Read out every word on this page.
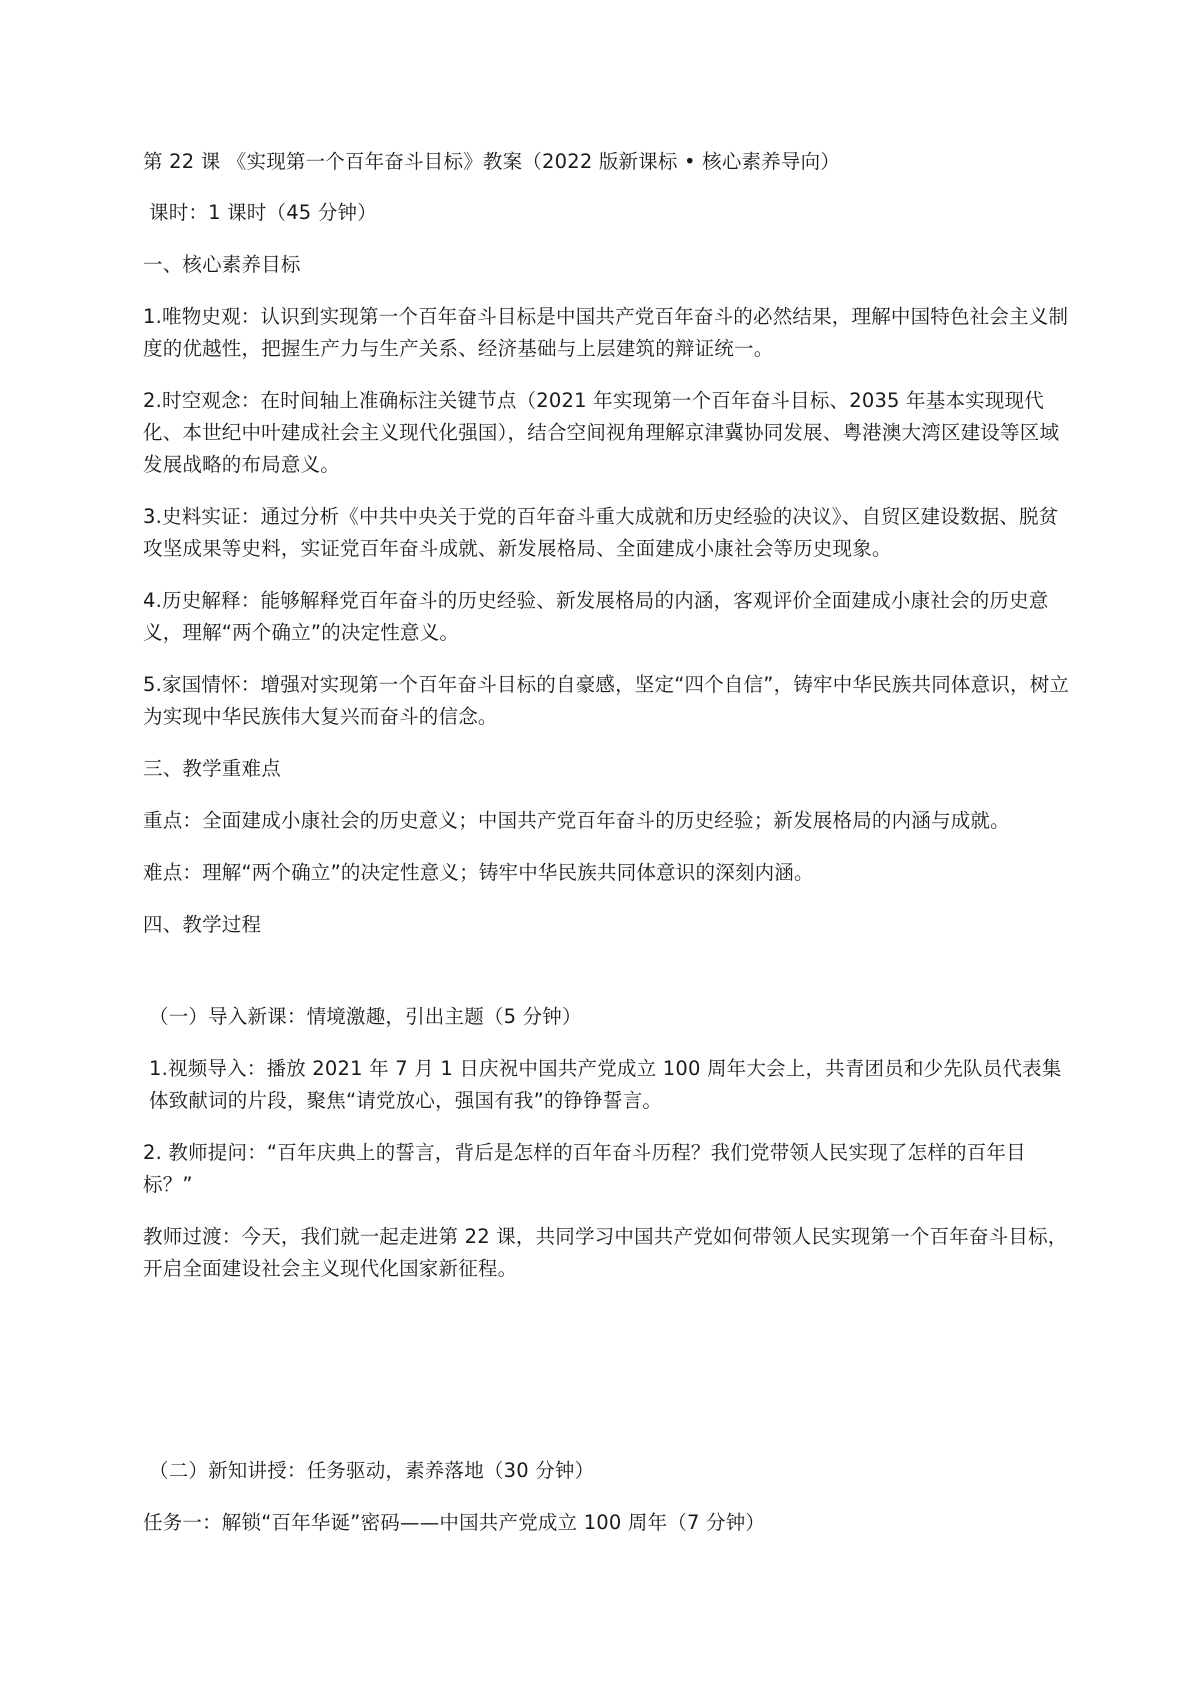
第 22 课 《实现第一个百年奋斗目标》教案（2022 版新课标 • 核心素养导向）

课时：1 课时（45 分钟）

一、核心素养目标

1.唯物史观：认识到实现第一个百年奋斗目标是中国共产党百年奋斗的必然结果，理解中国特色社会主义制度的优越性，把握生产力与生产关系、经济基础与上层建筑的辩证统一。

2.时空观念：在时间轴上准确标注关键节点（2021 年实现第一个百年奋斗目标、2035 年基本实现现代化、本世纪中叶建成社会主义现代化强国），结合空间视角理解京津冀协同发展、粤港澳大湾区建设等区域发展战略的布局意义。

3.史料实证：通过分析《中共中央关于党的百年奋斗重大成就和历史经验的决议》、自贸区建设数据、脱贫攻坚成果等史料，实证党百年奋斗成就、新发展格局、全面建成小康社会等历史现象。

4.历史解释：能够解释党百年奋斗的历史经验、新发展格局的内涵，客观评价全面建成小康社会的历史意义，理解“两个确立”的决定性意义。

5.家国情怀：增强对实现第一个百年奋斗目标的自豪感，坚定“四个自信”，铸牢中华民族共同体意识，树立为实现中华民族伟大复兴而奋斗的信念。

三、教学重难点

重点：全面建成小康社会的历史意义；中国共产党百年奋斗的历史经验；新发展格局的内涵与成就。

难点：理解“两个确立”的决定性意义；铸牢中华民族共同体意识的深刻内涵。

四、教学过程

（一）导入新课：情境激趣，引出主题（5 分钟）

1.视频导入：播放 2021 年 7 月 1 日庆祝中国共产党成立 100 周年大会上，共青团员和少先队员代表集体致献词的片段，聚焦“请党放心，强国有我”的铮铮誓言。

2. 教师提问：“百年庆典上的誓言，背后是怎样的百年奋斗历程？我们党带领人民实现了怎样的百年目标？”

教师过渡：今天，我们就一起走进第 22 课，共同学习中国共产党如何带领人民实现第一个百年奋斗目标，开启全面建设社会主义现代化国家新征程。

（二）新知讲授：任务驱动，素养落地（30 分钟）

任务一：解锁“百年华诞”密码——中国共产党成立 100 周年（7 分钟）
